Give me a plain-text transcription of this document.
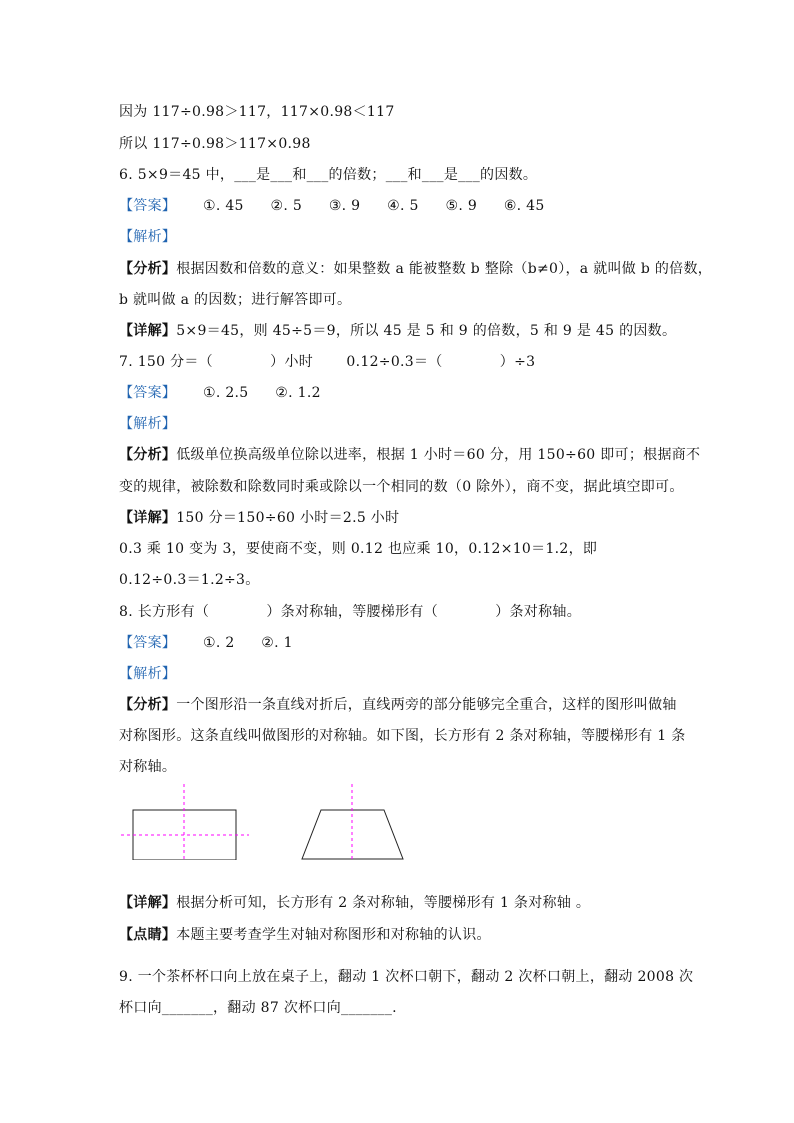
因为 117÷0.98＞117，117×0.98＜117
所以 117÷0.98＞117×0.98
6. 5×9＝45 中，___是___和___的倍数；___和___是___的因数。
【答案】 ①. 45 ②. 5 ③. 9 ④. 5 ⑤. 9 ⑥. 45
【解析】
【分析】根据因数和倍数的意义：如果整数 a 能被整数 b 整除（b≠0），a 就叫做 b 的倍数，
b 就叫做 a 的因数；进行解答即可。
【详解】5×9＝45，则 45÷5＝9，所以 45 是 5 和 9 的倍数，5 和 9 是 45 的因数。
7. 150 分＝（　　　　）小时　　 0.12÷0.3＝（　　　　）÷3
【答案】 ①. 2.5 ②. 1.2
【解析】
【分析】低级单位换高级单位除以进率，根据 1 小时＝60 分，用 150÷60 即可；根据商不
变的规律，被除数和除数同时乘或除以一个相同的数（0 除外），商不变，据此填空即可。
【详解】150 分＝150÷60 小时＝2.5 小时
0.3 乘 10 变为 3，要使商不变，则 0.12 也应乘 10，0.12×10＝1.2，即
0.12÷0.3＝1.2÷3。
8. 长方形有（　　　　）条对称轴，等腰梯形有（　　　　）条对称轴。
【答案】 ①. 2 ②. 1
【解析】
【分析】一个图形沿一条直线对折后，直线两旁的部分能够完全重合，这样的图形叫做轴
对称图形。这条直线叫做图形的对称轴。如下图，长方形有 2 条对称轴，等腰梯形有 1 条
对称轴。
【详解】根据分析可知，长方形有 2 条对称轴，等腰梯形有 1 条对称轴 。
【点睛】本题主要考查学生对轴对称图形和对称轴的认识。
9. 一个茶杯杯口向上放在桌子上，翻动 1 次杯口朝下，翻动 2 次杯口朝上，翻动 2008 次
杯口向_______，翻动 87 次杯口向_______.
